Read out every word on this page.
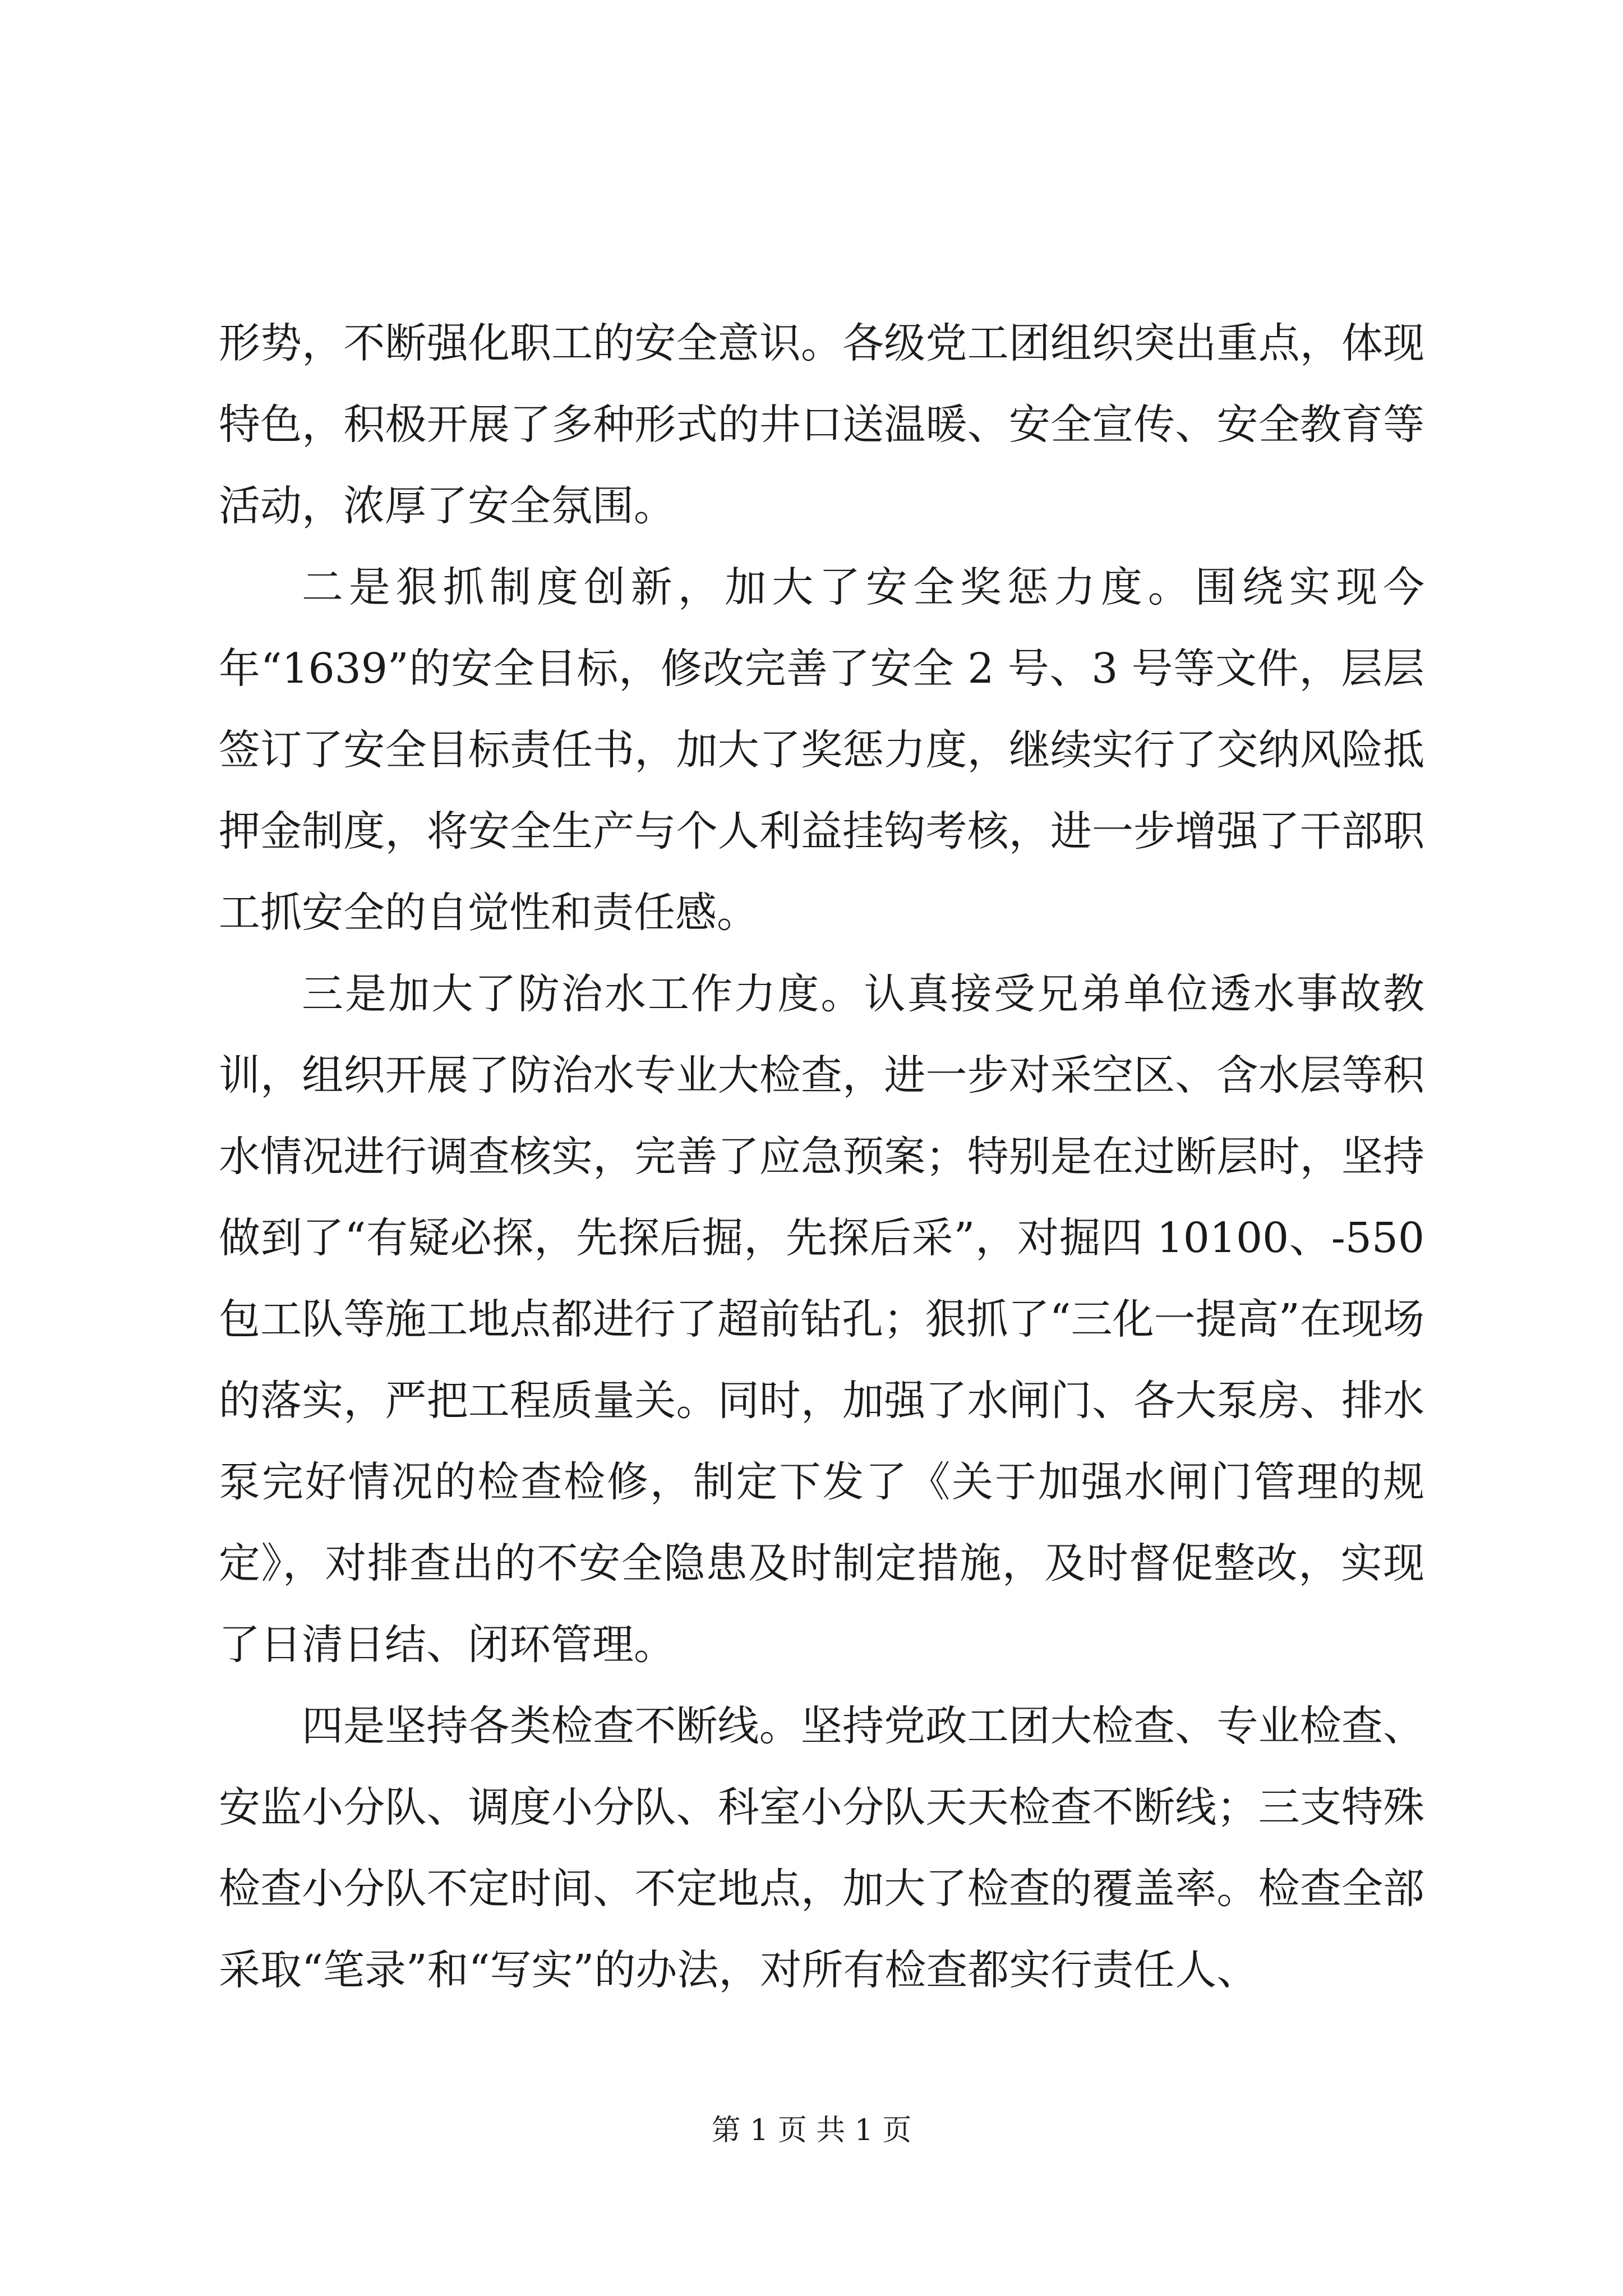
形势，不断强化职工的安全意识。各级党工团组织突出重点，体现特色，积极开展了多种形式的井口送温暖、安全宣传、安全教育等活动，浓厚了安全氛围。

二是狠抓制度创新，加大了安全奖惩力度。围绕实现今年“1639”的安全目标，修改完善了安全 2 号、3 号等文件，层层签订了安全目标责任书，加大了奖惩力度，继续实行了交纳风险抵押金制度，将安全生产与个人利益挂钩考核，进一步增强了干部职工抓安全的自觉性和责任感。

三是加大了防治水工作力度。认真接受兄弟单位透水事故教训，组织开展了防治水专业大检查，进一步对采空区、含水层等积水情况进行调查核实，完善了应急预案；特别是在过断层时，坚持做到了“有疑必探，先探后掘，先探后采”，对掘四 10100、-550 包工队等施工地点都进行了超前钻孔；狠抓了“三化一提高”在现场的落实，严把工程质量关。同时，加强了水闸门、各大泵房、排水泵完好情况的检查检修，制定下发了《关于加强水闸门管理的规定》，对排查出的不安全隐患及时制定措施，及时督促整改，实现了日清日结、闭环管理。

四是坚持各类检查不断线。坚持党政工团大检查、专业检查、安监小分队、调度小分队、科室小分队天天检查不断线；三支特殊检查小分队不定时间、不定地点，加大了检查的覆盖率。检查全部采取“笔录”和“写实”的办法，对所有检查都实行责任人、

第 1 页 共 1 页
